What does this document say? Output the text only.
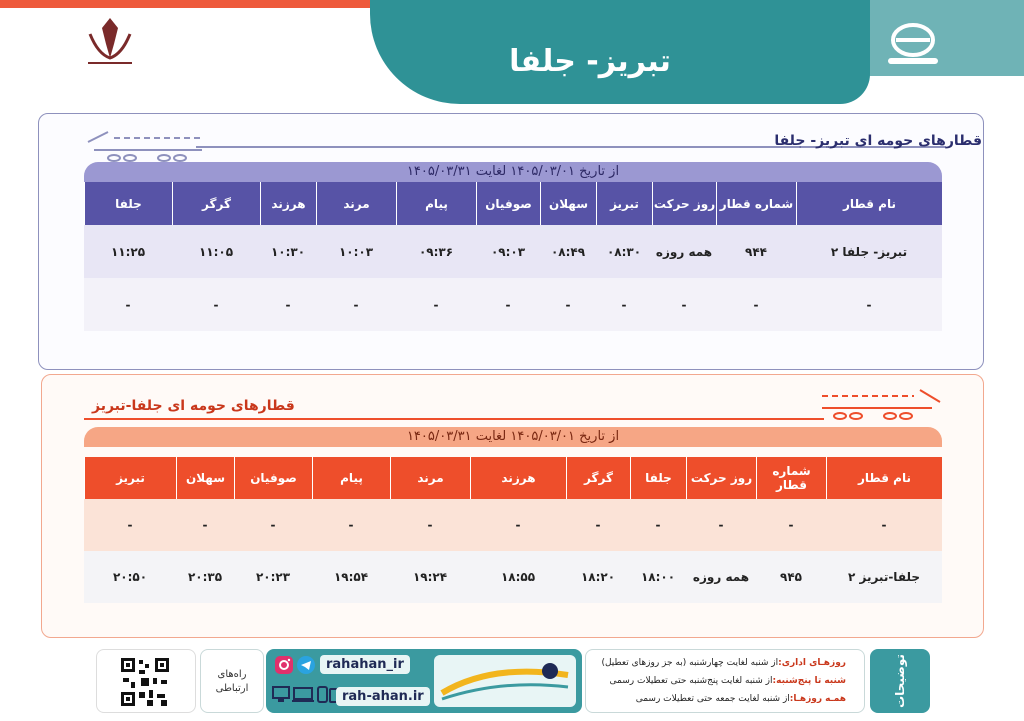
تبریز- جلفا
قطارهای حومه ای تبریز- جلفا
از تاریخ ۱۴۰۵/۰۳/۰۱ لغایت ۱۴۰۵/۰۳/۳۱
جلفا	گرگر	هرزند	مرند	پیام	صوفیان	سهلان	تبریز	روز حرکت	شماره قطار	نام قطار
۱۱:۲۵	۱۱:۰۵	۱۰:۳۰	۱۰:۰۳	۰۹:۳۶	۰۹:۰۳	۰۸:۴۹	۰۸:۳۰	همه روزه	۹۴۴	تبریز- جلفا ۲
-	-	-	-	-	-	-	-	-	-	-
قطارهای حومه ای جلفا-تبریز
از تاریخ ۱۴۰۵/۰۳/۰۱ لغایت ۱۴۰۵/۰۳/۳۱
تبریز	سهلان	صوفیان	پیام	مرند	هرزند	گرگر	جلفا	روز حرکت	شماره قطار	نام قطار
-	-	-	-	-	-	-	-	-	-	-
۲۰:۵۰	۲۰:۳۵	۲۰:۲۳	۱۹:۵۴	۱۹:۲۴	۱۸:۵۵	۱۸:۲۰	۱۸:۰۰	همه روزه	۹۴۵	جلفا-تبریز ۲
راه‌های ارتباطی
rahahan_ir
rah-ahan.ir
روزهـای اداری:از شنبه لغایت چهارشنبه (به جز روزهای تعطیل)
شنبه تا پنج‌شنبه:از شنبه لغایت پنج‌شنبه حتی تعطیلات رسمی
همـه روزهـا:از شنبه لغایت جمعه حتی تعطیلات رسمی	توضیحات
